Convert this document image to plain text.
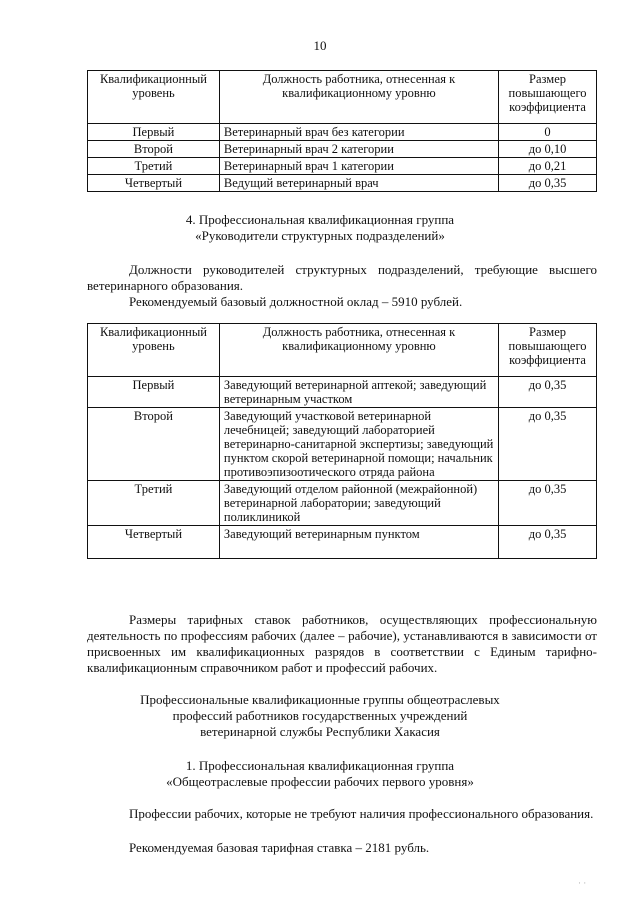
10
Квалификационный уровень	Должность работника, отнесенная к квалификационному уровню	Размер повышающего коэффициента
Первый	Ветеринарный врач без категории	0
Второй	Ветеринарный врач 2 категории	до 0,10
Третий	Ветеринарный врач 1 категории	до 0,21
Четвертый	Ведущий ветеринарный врач	до 0,35
4. Профессиональная квалификационная группа
«Руководители структурных подразделений»
Должности руководителей структурных подразделений, требующие высшего ветеринарного образования.
Рекомендуемый базовый должностной оклад – 5910 рублей.
Квалификационный уровень	Должность работника, отнесенная к квалификационному уровню	Размер повышающего коэффициента
Первый	Заведующий ветеринарной аптекой; заведующий ветеринарным участком	до 0,35
Второй	Заведующий участковой ветеринарной лечебницей; заведующий лабораторией ветеринарно-санитарной экспертизы; заведующий пунктом скорой ветеринарной помощи; начальник противоэпизоотического отряда района	до 0,35
Третий	Заведующий отделом районной (межрайонной) ветеринарной лаборатории; заведующий поликлиникой	до 0,35
Четвертый	Заведующий ветеринарным пунктом	до 0,35
Размеры тарифных ставок работников, осуществляющих профессиональную деятельность по профессиям рабочих (далее – рабочие), устанавливаются в зависимости от присвоенных им квалификационных разрядов в соответствии с Единым тарифно-квалификационным справочником работ и профессий рабочих.
Профессиональные квалификационные группы общеотраслевых
профессий работников государственных учреждений
ветеринарной службы Республики Хакасия
1. Профессиональная квалификационная группа
«Общеотраслевые профессии рабочих первого уровня»
Профессии рабочих, которые не требуют наличия профессионального образования.
Рекомендуемая базовая тарифная ставка – 2181 рубль.
· ·
